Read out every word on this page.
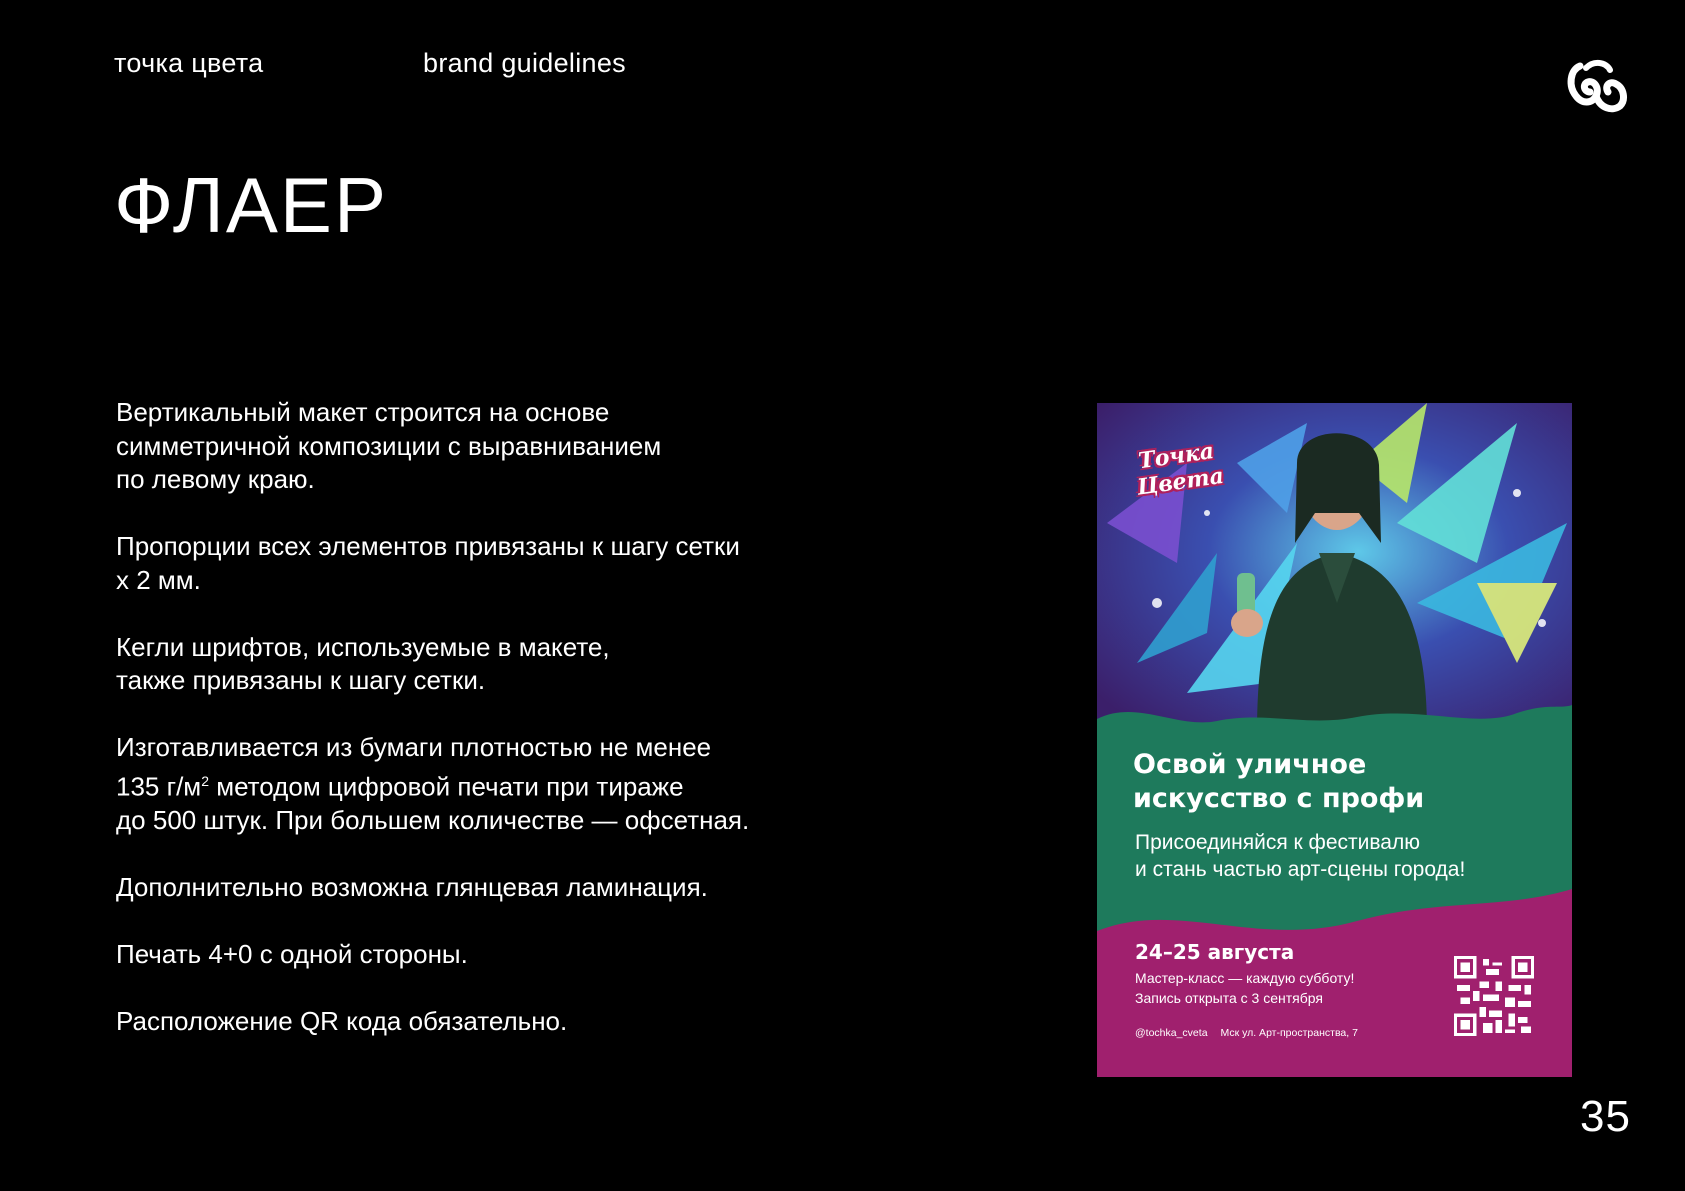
точка цвета	brand guidelines
ФЛАЕР

Вертикальный макет строится на основе
симметричной композиции с выравниванием
по левому краю.

Пропорции всех элементов привязаны к шагу сетки
х 2 мм.

Кегли шрифтов, используемые в макете,
также привязаны к шагу сетки.

Изготавливается из бумаги плотностью не менее
135 $г/м^2$ методом цифровой печати при тираже
до 500 штук. При большем количестве — офсетная.

Дополнительно возможна глянцевая ламинация.

Печать 4+0 с одной стороны.

Расположение QR кода обязательно.

Точка
Цвета
Освой уличное
искусство с профи
Присоединяйся к фестивалю
и стань частью арт-сцены города!
24–25 августа
Мастер-класс — каждую субботу!
Запись открыта с 3 сентября
@tochka_cveta Мск ул. Арт-пространства, 7
35
